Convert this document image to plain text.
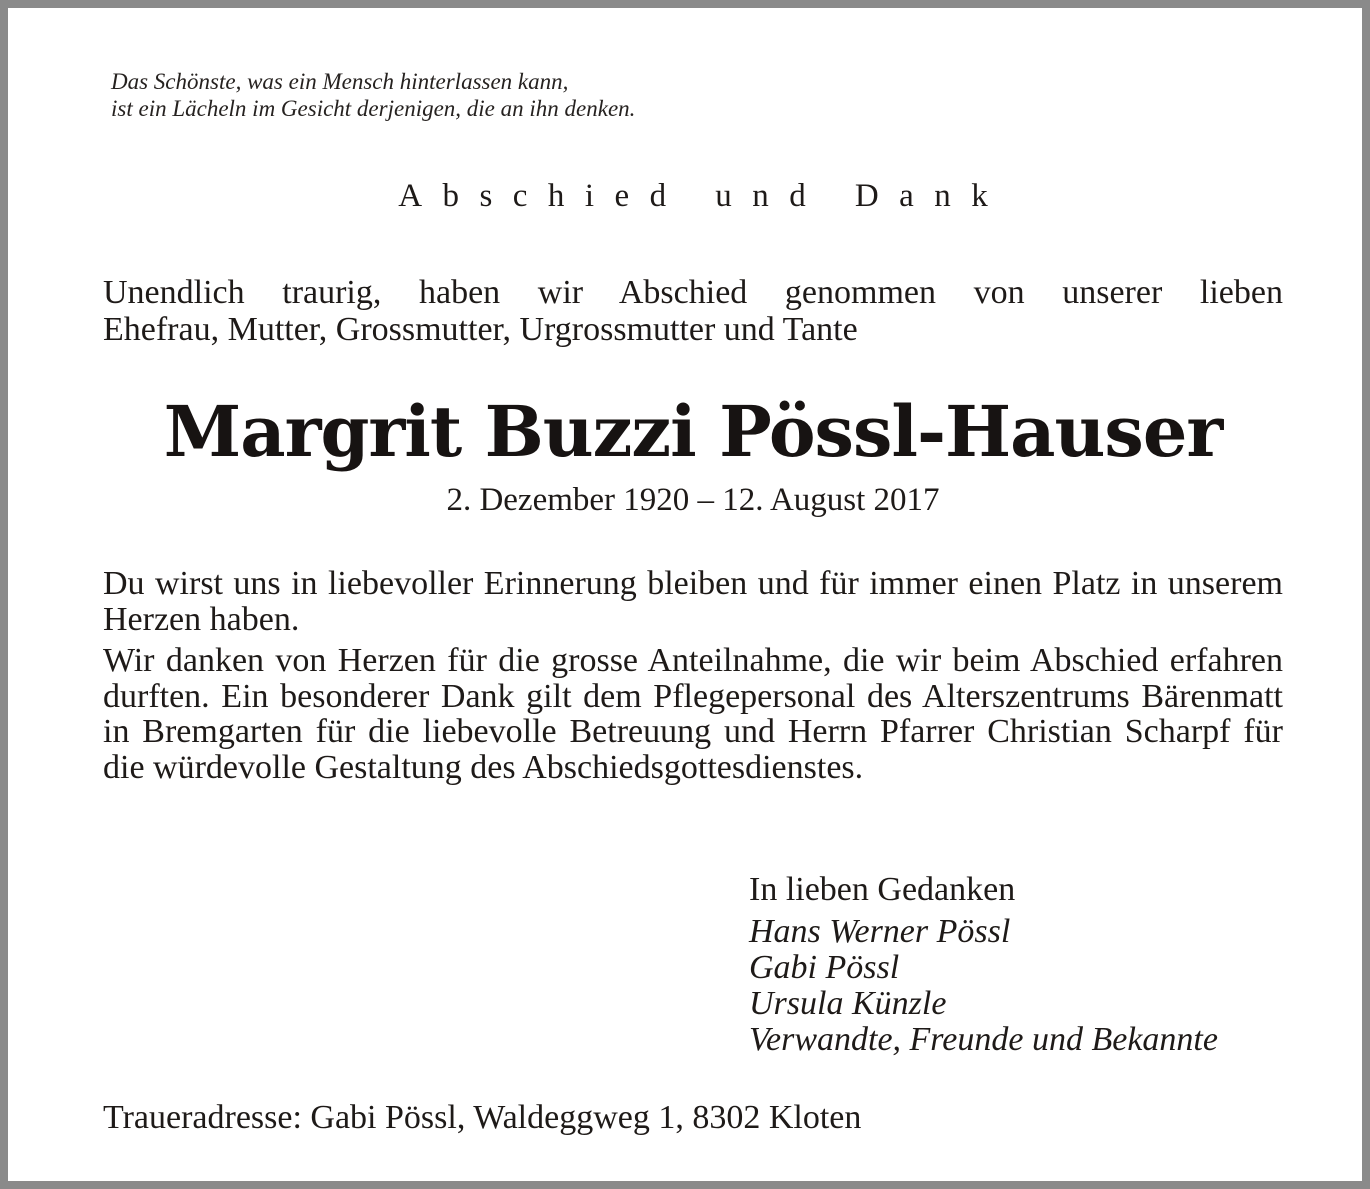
Das Schönste, was ein Mensch hinterlassen kann,
ist ein Lächeln im Gesicht derjenigen, die an ihn denken.
Abschied und Dank
Unendlich traurig, haben wir Abschied genommen von unserer lieben
Ehefrau, Mutter, Grossmutter, Urgrossmutter und Tante
Margrit Buzzi Pössl-Hauser
2. Dezember 1920 – 12. August 2017

Du wirst uns in liebevoller Erinnerung bleiben und für immer einen Platz in unserem Herzen haben.

Wir danken von Herzen für die grosse Anteilnahme, die wir beim Abschied erfahren durften. Ein besonderer Dank gilt dem Pflegepersonal des Alterszentrums Bärenmatt in Bremgarten für die liebevolle Betreuung und Herrn Pfarrer Christian Scharpf für die würdevolle Gestaltung des Abschiedsgottesdienstes.

In lieben Gedanken
Hans Werner Pössl
Gabi Pössl
Ursula Künzle
Verwandte, Freunde und Bekannte
Traueradresse: Gabi Pössl, Waldeggweg 1, 8302 Kloten
